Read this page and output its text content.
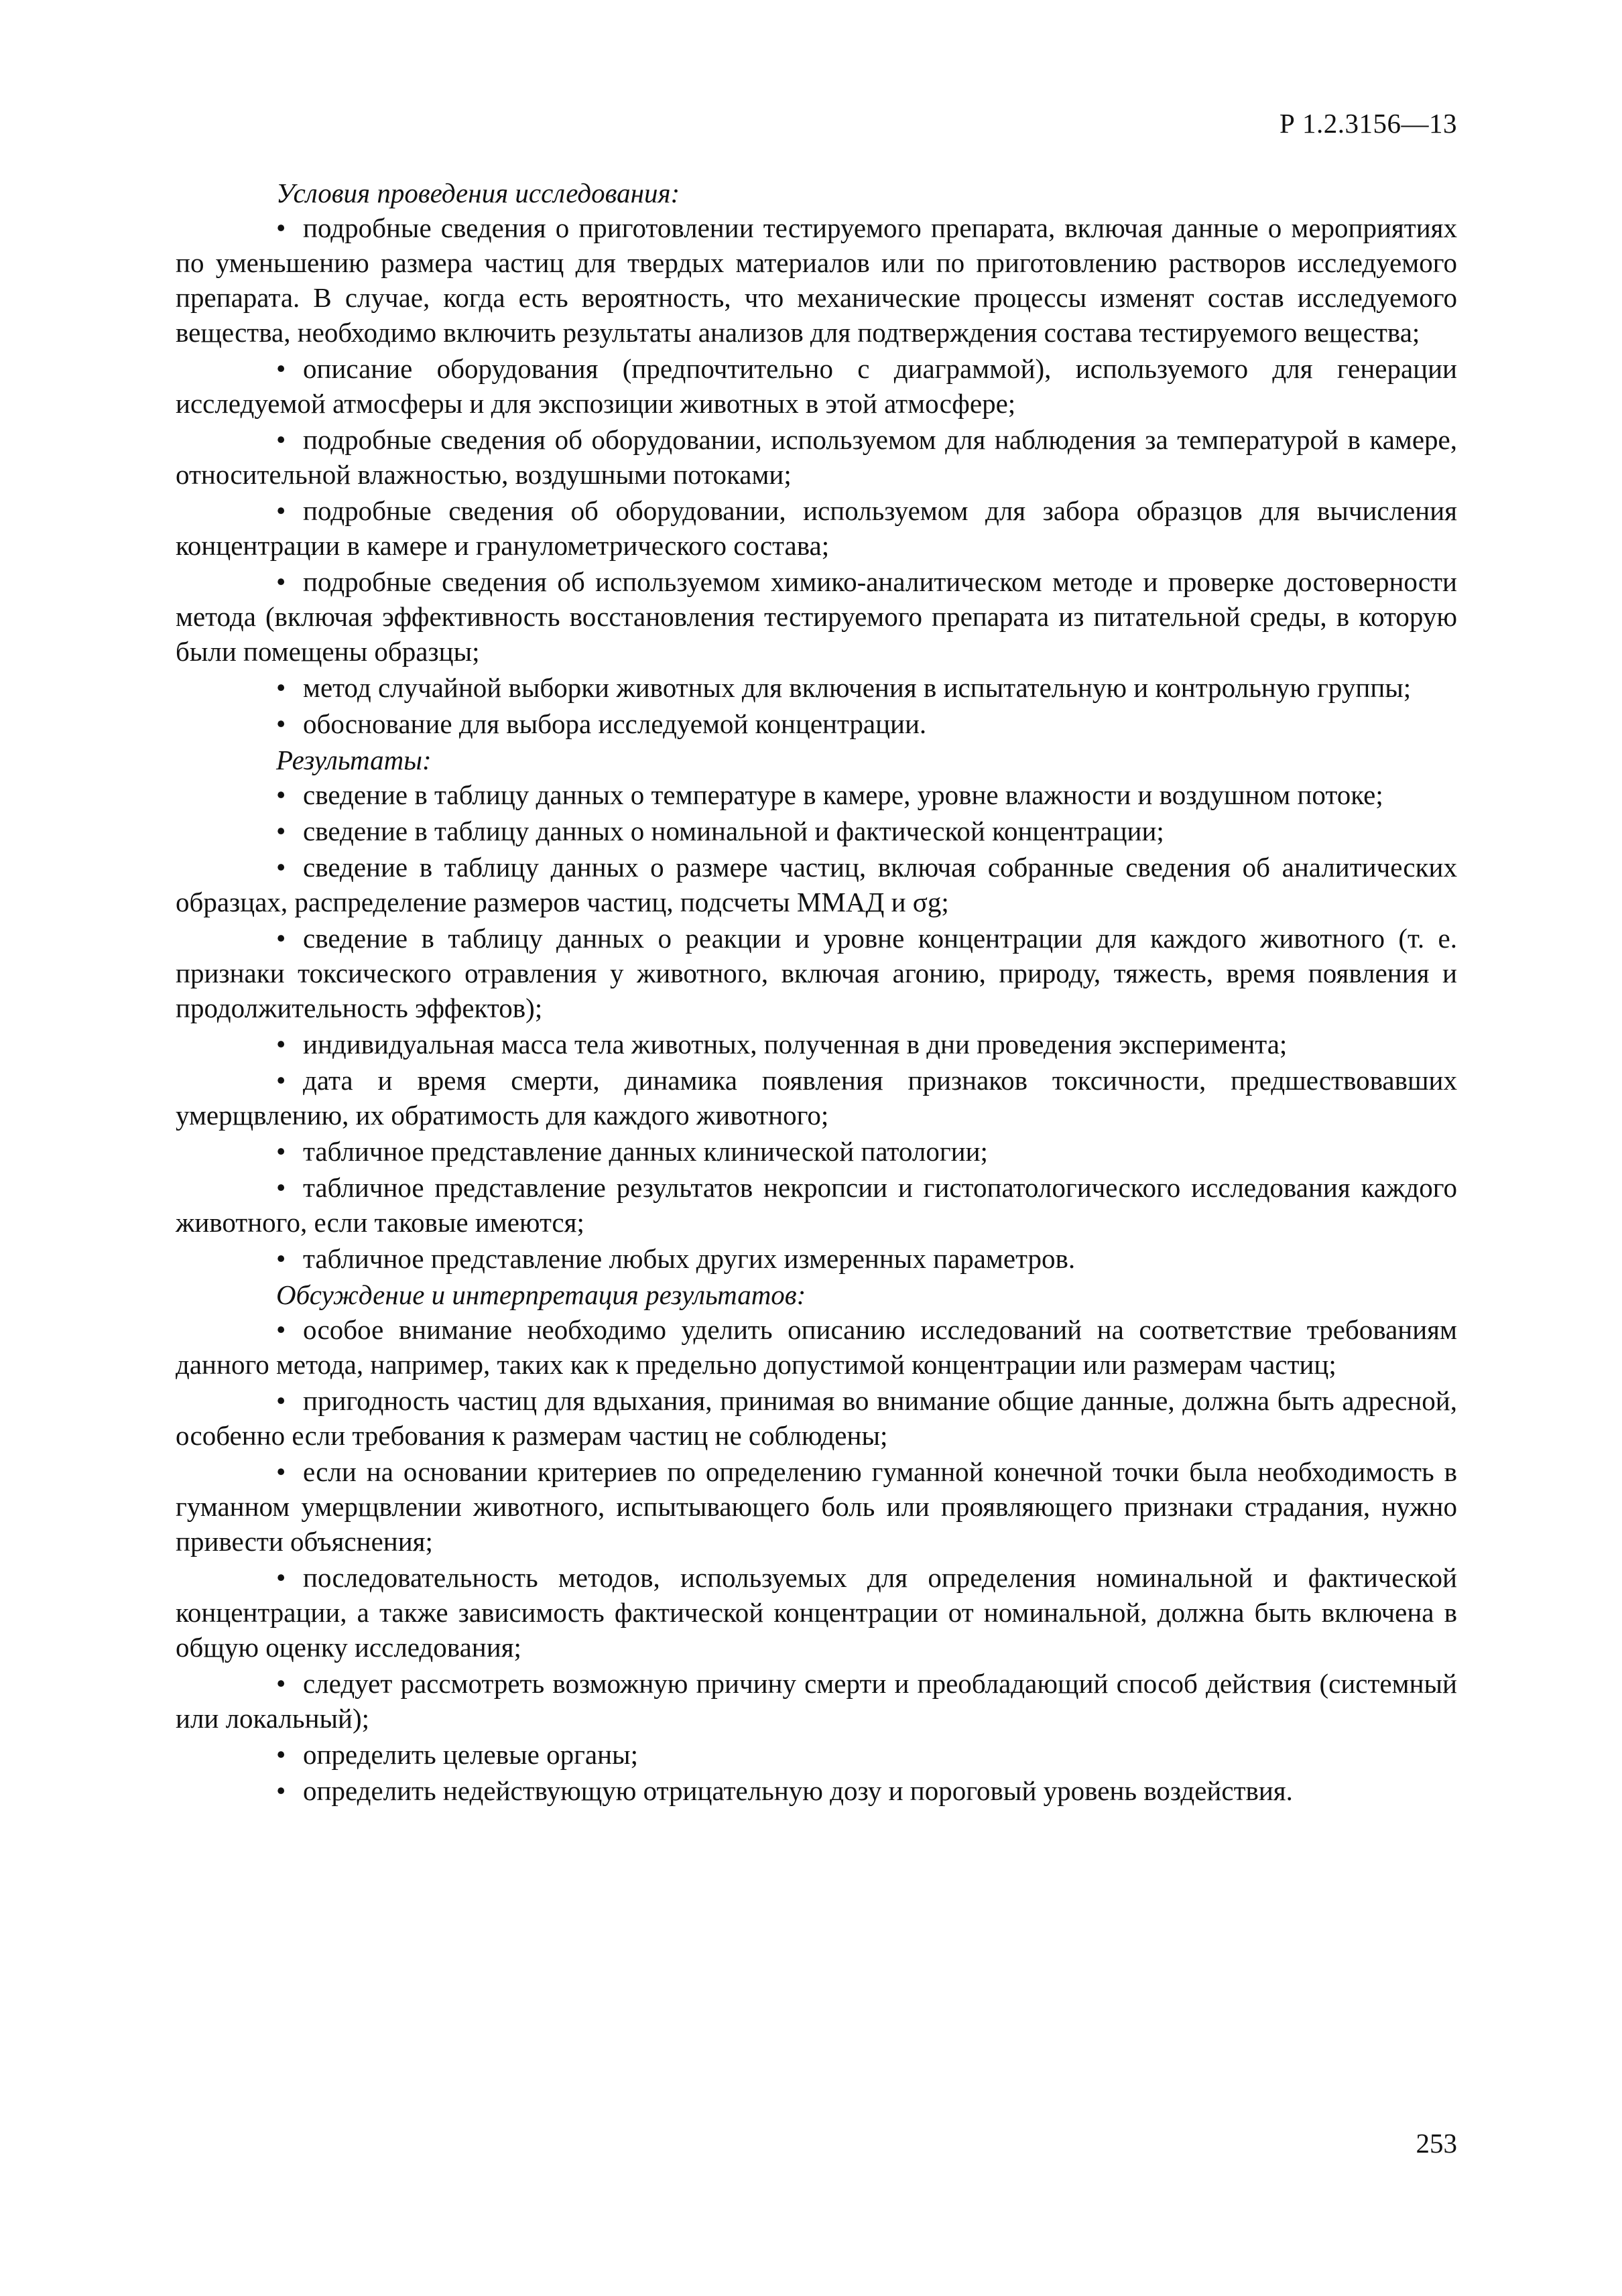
Р 1.2.3156—13

Условия проведения исследования:

• подробные сведения о приготовлении тестируемого препарата, включая данные о мероприятиях по уменьшению размера частиц для твердых материалов или по приготовлению растворов исследуемого препарата. В случае, когда есть вероятность, что механические процессы изменят состав исследуемого вещества, необходимо включить результаты анализов для подтверждения состава тестируемого вещества;

• описание оборудования (предпочтительно с диаграммой), используемого для генерации исследуемой атмосферы и для экспозиции животных в этой атмосфере;

• подробные сведения об оборудовании, используемом для наблюдения за температурой в камере, относительной влажностью, воздушными потоками;

• подробные сведения об оборудовании, используемом для забора образцов для вычисления концентрации в камере и гранулометрического состава;

• подробные сведения об используемом химико-аналитическом методе и проверке достоверности метода (включая эффективность восстановления тестируемого препарата из питательной среды, в которую были помещены образцы;

• метод случайной выборки животных для включения в испытательную и контрольную группы;

• обоснование для выбора исследуемой концентрации.

Результаты:

• сведение в таблицу данных о температуре в камере, уровне влажности и воздушном потоке;

• сведение в таблицу данных о номинальной и фактической концентрации;

• сведение в таблицу данных о размере частиц, включая собранные сведения об аналитических образцах, распределение размеров частиц, подсчеты ММАД и σg;

• сведение в таблицу данных о реакции и уровне концентрации для каждого животного (т. е. признаки токсического отравления у животного, включая агонию, природу, тяжесть, время появления и продолжительность эффектов);

• индивидуальная масса тела животных, полученная в дни проведения эксперимента;

• дата и время смерти, динамика появления признаков токсичности, предшествовавших умерщвлению, их обратимость для каждого животного;

• табличное представление данных клинической патологии;

• табличное представление результатов некропсии и гистопатологического исследования каждого животного, если таковые имеются;

• табличное представление любых других измеренных параметров.

Обсуждение и интерпретация результатов:

• особое внимание необходимо уделить описанию исследований на соответствие требованиям данного метода, например, таких как к предельно допустимой концентрации или размерам частиц;

• пригодность частиц для вдыхания, принимая во внимание общие данные, должна быть адресной, особенно если требования к размерам частиц не соблюдены;

• если на основании критериев по определению гуманной конечной точки была необходимость в гуманном умерщвлении животного, испытывающего боль или проявляющего признаки страдания, нужно привести объяснения;

• последовательность методов, используемых для определения номинальной и фактической концентрации, а также зависимость фактической концентрации от номинальной, должна быть включена в общую оценку исследования;

• следует рассмотреть возможную причину смерти и преобладающий способ действия (системный или локальный);

• определить целевые органы;

• определить недействующую отрицательную дозу и пороговый уровень воздействия.

253
